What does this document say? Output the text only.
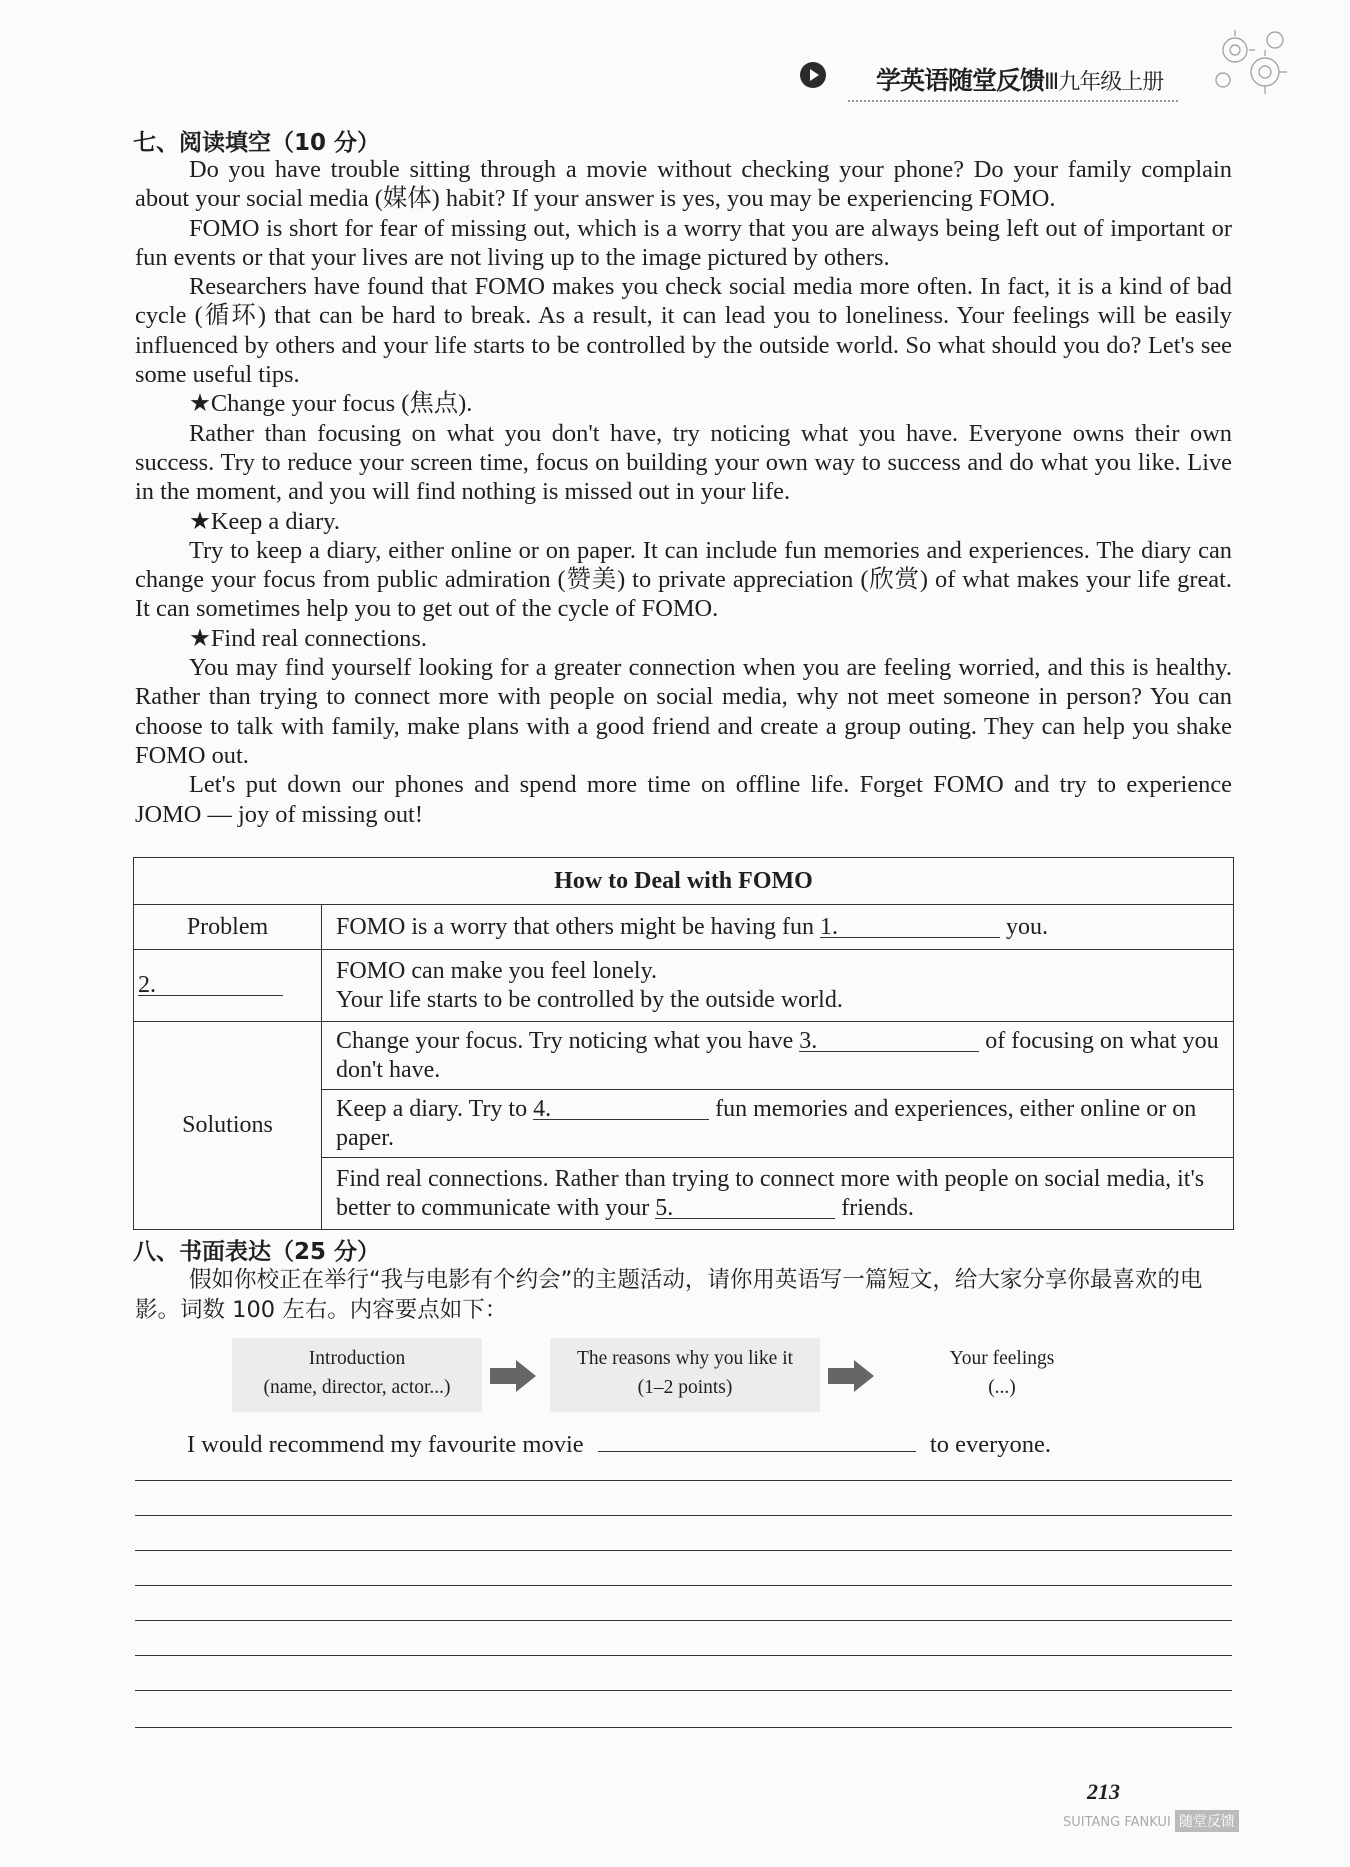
学英语随堂反馈Ⅲ九年级上册
七、阅读填空（10 分）

Do you have trouble sitting through a movie without checking your phone? Do your family complain about your social media (媒体) habit? If your answer is yes, you may be experiencing FOMO.

FOMO is short for fear of missing out, which is a worry that you are always being left out of important or fun events or that your lives are not living up to the image pictured by others.

Researchers have found that FOMO makes you check social media more often. In fact, it is a kind of bad cycle (循环) that can be hard to break. As a result, it can lead you to loneliness. Your feelings will be easily influenced by others and your life starts to be controlled by the outside world. So what should you do? Let's see some useful tips.

★Change your focus (焦点).

Rather than focusing on what you don't have, try noticing what you have. Everyone owns their own success. Try to reduce your screen time, focus on building your own way to success and do what you like. Live in the moment, and you will find nothing is missed out in your life.

★Keep a diary.

Try to keep a diary, either online or on paper. It can include fun memories and experiences. The diary can change your focus from public admiration (赞美) to private appreciation (欣赏) of what makes your life great. It can sometimes help you to get out of the cycle of FOMO.

★Find real connections.

You may find yourself looking for a greater connection when you are feeling worried, and this is healthy. Rather than trying to connect more with people on social media, why not meet someone in person? You can choose to talk with family, make plans with a good friend and create a group outing. They can help you shake FOMO out.

Let's put down our phones and spend more time on offline life. Forget FOMO and try to experience JOMO — joy of missing out!

How to Deal with FOMO	
Problem	FOMO is a worry that others might be having fun 1. you.
2.	FOMO can make you feel lonely.
Your life starts to be controlled by the outside world.

Solutions	Change your focus. Try noticing what you have 3. of focusing on what you don't have.
	Keep a diary. Try to 4. fun memories and experiences, either online or on paper.
	Find real connections. Rather than trying to connect more with people on social media, it's better to communicate with your 5. friends.
八、书面表达（25 分）

假如你校正在举行“我与电影有个约会”的主题活动，请你用英语写一篇短文，给大家分享你最喜欢的电影。词数 100 左右。内容要点如下：

Introduction
(name, director, actor...)
The reasons why you like it
(1–2 points)
Your feelings
(...)
I would recommend my favourite movie	to everyone.
213
SUITANG FANKUI 随堂反馈
